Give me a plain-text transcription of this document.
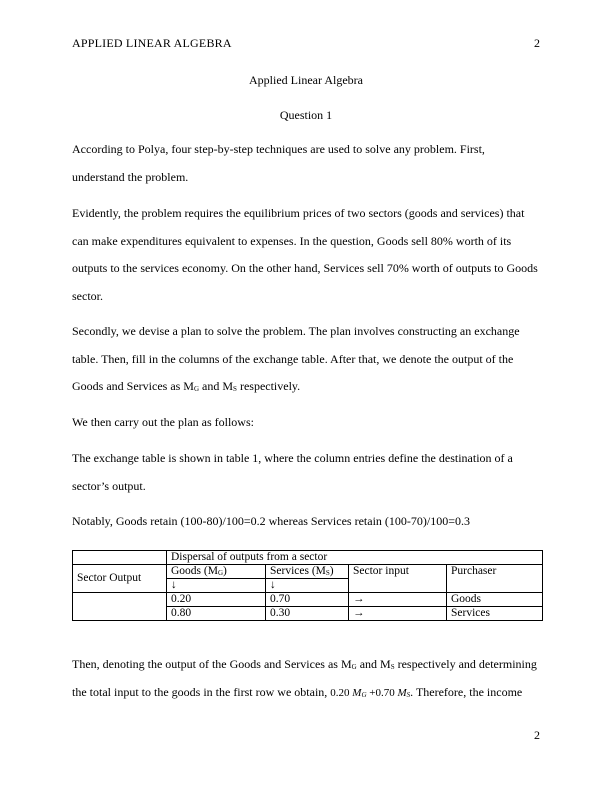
APPLIED LINEAR ALGEBRA	2
Applied Linear Algebra
Question 1

According to Polya, four step-by-step techniques are used to solve any problem. First, understand the problem.

Evidently, the problem requires the equilibrium prices of two sectors (goods and services) that can make expenditures equivalent to expenses. In the question, Goods sell 80% worth of its outputs to the services economy. On the other hand, Services sell 70% worth of outputs to Goods sector.

Secondly, we devise a plan to solve the problem. The plan involves constructing an exchange table. Then, fill in the columns of the exchange table. After that, we denote the output of the Goods and Services as $M_G$ and $M_S$ respectively.

We then carry out the plan as follows:

The exchange table is shown in table 1, where the column entries define the destination of a sector’s output.

Notably, Goods retain (100-80)/100=0.2 whereas Services retain (100-70)/100=0.3

	Dispersal of outputs from a sector			
Sector Output	Goods $(M_G)$	Services $(M_S)$	Sector input	Purchaser
	↓	↓		
	0.20	0.70	→	Goods
	0.80	0.30	→	Services

Then, denoting the output of the Goods and Services as $M_G$ and $M_S$ respectively and determining the total input to the goods in the first row we obtain, 0.20 $M_G +0.70$ $M_S$. Therefore, the income

2
